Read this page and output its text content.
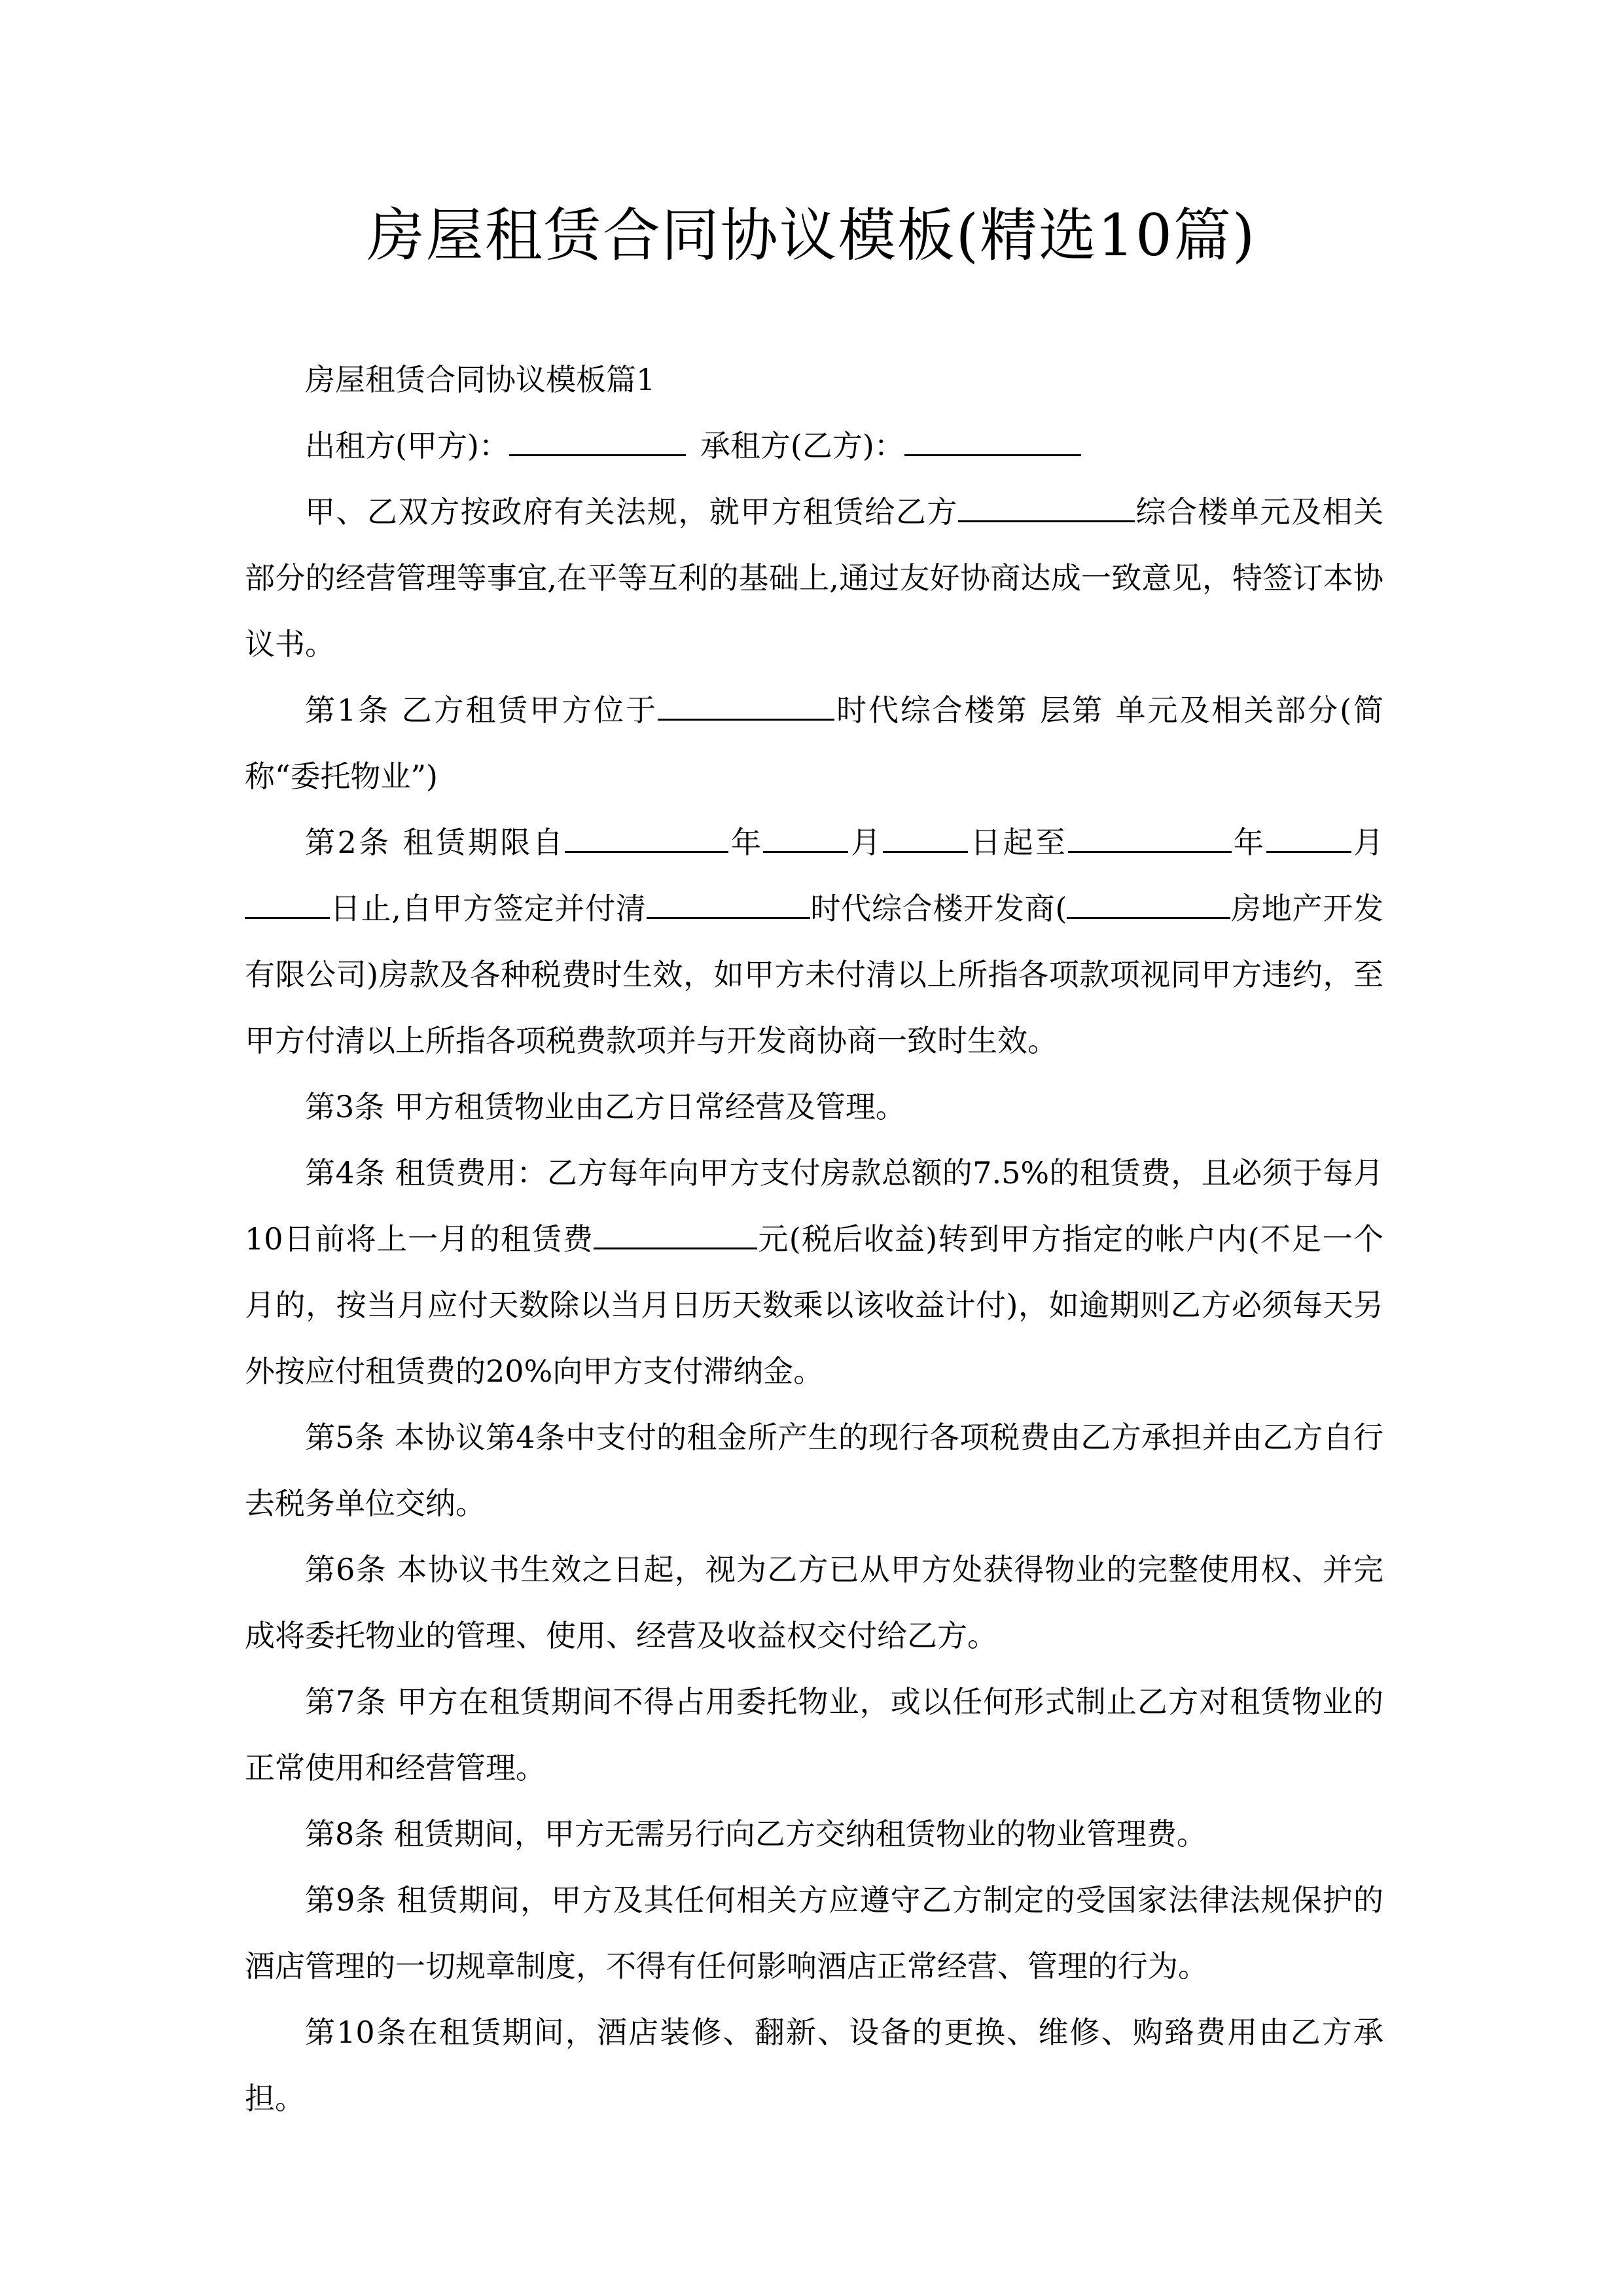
房屋租赁合同协议模板(精选10篇)

房屋租赁合同协议模板篇1

出租方(甲方)：	承租方(乙方)：

甲、乙双方按政府有关法规，就甲方租赁给乙方	综合楼单元及相关部分的经营管理等事宜,在平等互利的基础上,通过友好协商达成一致意见，特签订本协议书。

第1条 乙方租赁甲方位于	时代综合楼第 层第 单元及相关部分(简称“委托物业”)

第2条 租赁期限自	年	月	日起至	年	月日止,自甲方签定并付清	时代综合楼开发商(	房地产开发有限公司)房款及各种税费时生效，如甲方未付清以上所指各项款项视同甲方违约，至甲方付清以上所指各项税费款项并与开发商协商一致时生效。

第3条 甲方租赁物业由乙方日常经营及管理。

第4条 租赁费用：乙方每年向甲方支付房款总额的7.5%的租赁费，且必须于每月10日前将上一月的租赁费	元(税后收益)转到甲方指定的帐户内(不足一个月的，按当月应付天数除以当月日历天数乘以该收益计付)，如逾期则乙方必须每天另外按应付租赁费的20%向甲方支付滞纳金。

第5条 本协议第4条中支付的租金所产生的现行各项税费由乙方承担并由乙方自行去税务单位交纳。

第6条 本协议书生效之日起，视为乙方已从甲方处获得物业的完整使用权、并完成将委托物业的管理、使用、经营及收益权交付给乙方。

第7条 甲方在租赁期间不得占用委托物业，或以任何形式制止乙方对租赁物业的正常使用和经营管理。

第8条 租赁期间，甲方无需另行向乙方交纳租赁物业的物业管理费。

第9条 租赁期间，甲方及其任何相关方应遵守乙方制定的受国家法律法规保护的酒店管理的一切规章制度，不得有任何影响酒店正常经营、管理的行为。

第10条在租赁期间，酒店装修、翻新、设备的更换、维修、购臵费用由乙方承担。
